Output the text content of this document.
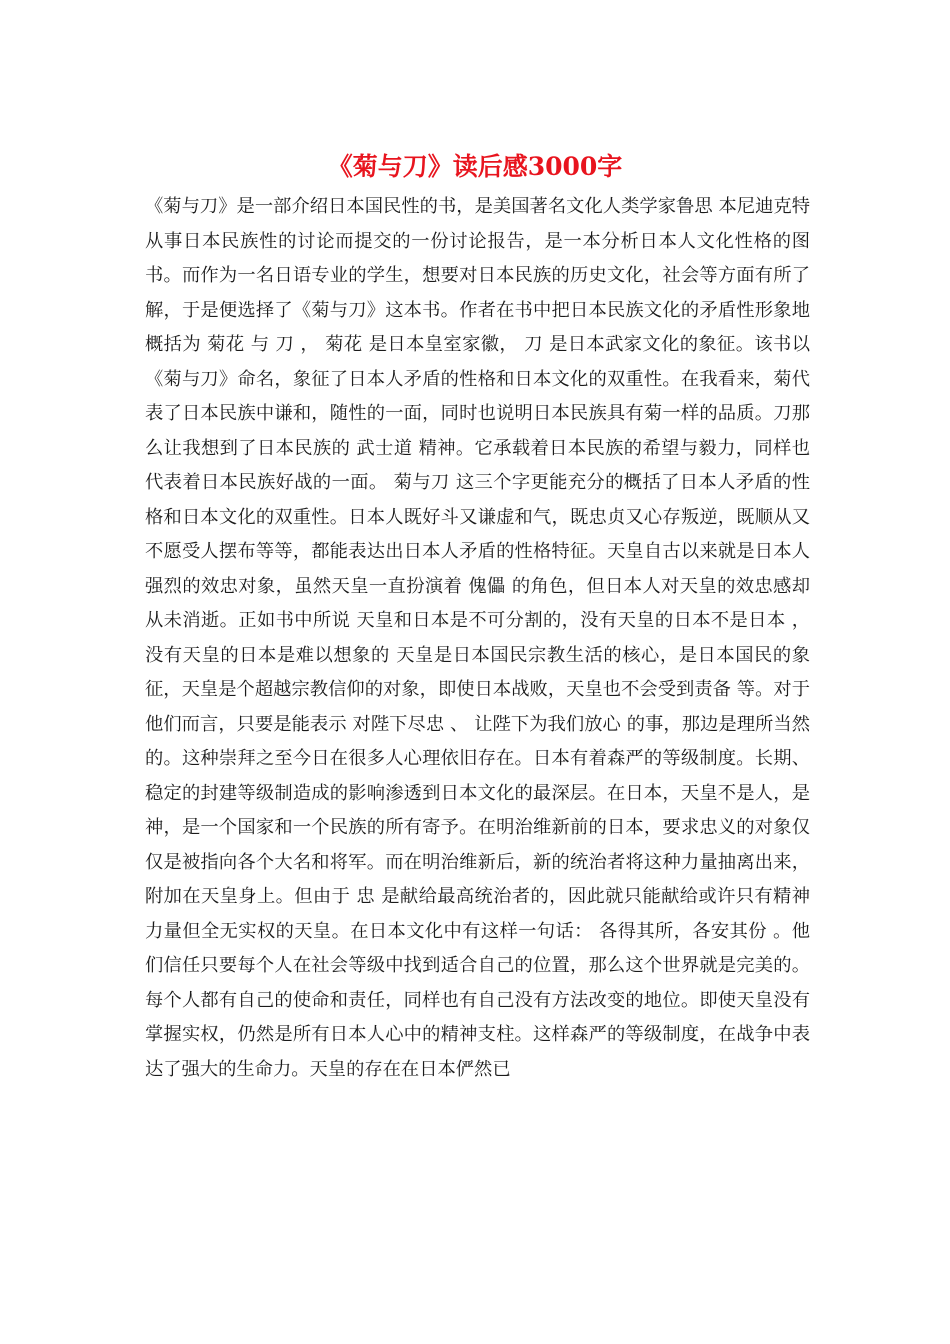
《菊与刀》读后感3000字

《菊与刀》是一部介绍日本国民性的书，是美国著名文化人类学家鲁思 本尼迪克特从事日本民族性的讨论而提交的一份讨论报告，是一本分析日本人文化性格的图书。而作为一名日语专业的学生，想要对日本民族的历史文化，社会等方面有所了解，于是便选择了《菊与刀》这本书。作者在书中把日本民族文化的矛盾性形象地概括为 菊花 与 刀 ， 菊花 是日本皇室家徽， 刀 是日本武家文化的象征。该书以《菊与刀》命名，象征了日本人矛盾的性格和日本文化的双重性。在我看来，菊代表了日本民族中谦和，随性的一面，同时也说明日本民族具有菊一样的品质。刀那么让我想到了日本民族的 武士道 精神。它承载着日本民族的希望与毅力，同样也代表着日本民族好战的一面。 菊与刀 这三个字更能充分的概括了日本人矛盾的性格和日本文化的双重性。日本人既好斗又谦虚和气，既忠贞又心存叛逆，既顺从又不愿受人摆布等等，都能表达出日本人矛盾的性格特征。天皇自古以来就是日本人强烈的效忠对象，虽然天皇一直扮演着 傀儡 的角色，但日本人对天皇的效忠感却从未消逝。正如书中所说 天皇和日本是不可分割的，没有天皇的日本不是日本 ， 没有天皇的日本是难以想象的 天皇是日本国民宗教生活的核心，是日本国民的象征，天皇是个超越宗教信仰的对象，即使日本战败，天皇也不会受到责备 等。对于他们而言，只要是能表示 对陛下尽忠 、 让陛下为我们放心 的事，那边是理所当然的。这种崇拜之至今日在很多人心理依旧存在。日本有着森严的等级制度。长期、稳定的封建等级制造成的影响渗透到日本文化的最深层。在日本，天皇不是人，是神，是一个国家和一个民族的所有寄予。在明治维新前的日本，要求忠义的对象仅仅是被指向各个大名和将军。而在明治维新后，新的统治者将这种力量抽离出来，附加在天皇身上。但由于 忠 是献给最高统治者的，因此就只能献给或许只有精神力量但全无实权的天皇。在日本文化中有这样一句话： 各得其所，各安其份 。他们信任只要每个人在社会等级中找到适合自己的位置，那么这个世界就是完美的。每个人都有自己的使命和责任，同样也有自己没有方法改变的地位。即使天皇没有掌握实权，仍然是所有日本人心中的精神支柱。这样森严的等级制度，在战争中表达了强大的生命力。天皇的存在在日本俨然已
